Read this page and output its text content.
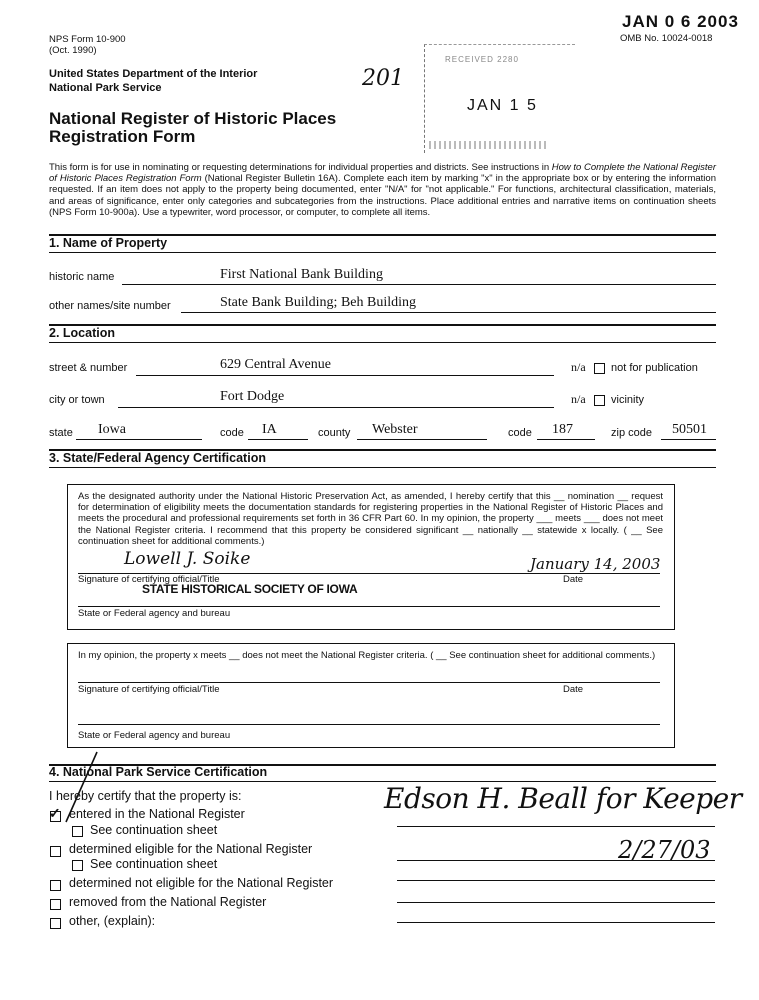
NPS Form 10-900
(Oct. 1990)
JAN 0 6 2003
OMB No. 10024-0018
United States Department of the Interior
National Park Service	201
RECEIVED 2280
JAN 1 5
National Register of Historic Places
Registration Form
This form is for use in nominating or requesting determinations for individual properties and districts. See instructions in How to Complete the National Register of Historic Places Registration Form (National Register Bulletin 16A). Complete each item by marking "x" in the appropriate box or by entering the information requested. If an item does not apply to the property being documented, enter "N/A" for "not applicable." For functions, architectural classification, materials, and areas of significance, enter only categories and subcategories from the instructions. Place additional entries and narrative items on continuation sheets (NPS Form 10-900a). Use a typewriter, word processor, or computer, to complete all items.
1. Name of Property
historic name	First National Bank Building
other names/site number	State Bank Building; Beh Building
2. Location
street & number	629 Central Avenue	n/a not for publication
city or town	Fort Dodge	n/a vicinity
state Iowa	code IA	county Webster	code 187	zip code 50501
3. State/Federal Agency Certification
As the designated authority under the National Historic Preservation Act, as amended, I hereby certify that this __ nomination __ request for determination of eligibility meets the documentation standards for registering properties in the National Register of Historic Places and meets the procedural and professional requirements set forth in 36 CFR Part 60. In my opinion, the property ___ meets ___ does not meet the National Register criteria. I recommend that this property be considered significant __ nationally __ statewide x locally. ( __ See continuation sheet for additional comments.)
Lowell J. Soike	January 14, 2003
Signature of certifying official/Title	Date
STATE HISTORICAL SOCIETY OF IOWA
State or Federal agency and bureau
In my opinion, the property x meets __ does not meet the National Register criteria. ( __ See continuation sheet for additional comments.)
Signature of certifying official/Title	Date
State or Federal agency and bureau
4. National Park Service Certification
I hereby certify that the property is:
✓ entered in the National Register
See continuation sheet
determined eligible for the National Register
See continuation sheet
determined not eligible for the National Register
removed from the National Register
other, (explain):
Edson H. Beall for Keeper
2/27/03
